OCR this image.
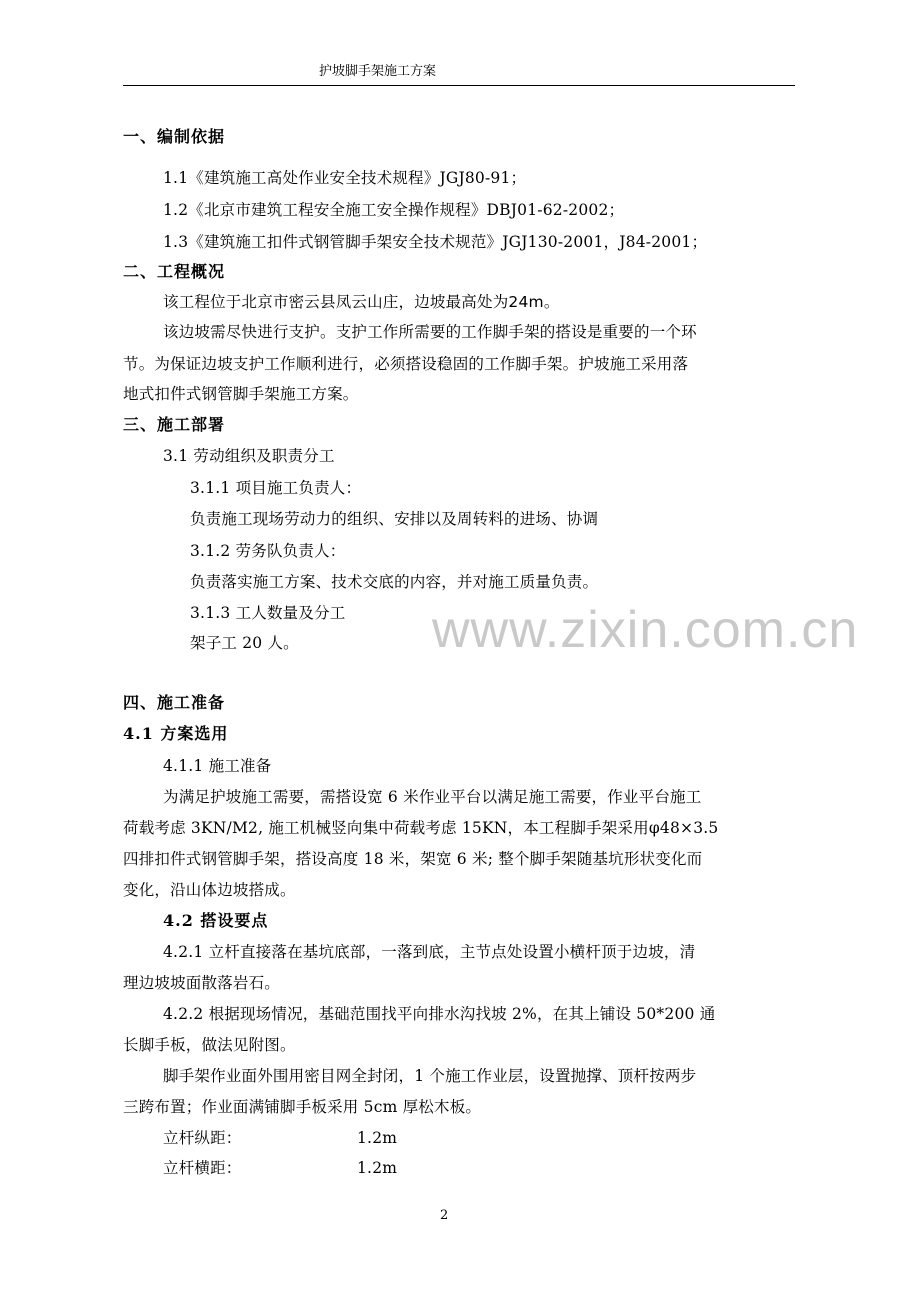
护坡脚手架施工方案
一、编制依据
1.1《建筑施工高处作业安全技术规程》JGJ80-91；
1.2《北京市建筑工程安全施工安全操作规程》DBJ01-62-2002；
1.3《建筑施工扣件式钢管脚手架安全技术规范》JGJ130-2001，J84-2001；
二、工程概况
该工程位于北京市密云县凤云山庄，边坡最高处为24m。
该边坡需尽快进行支护。支护工作所需要的工作脚手架的搭设是重要的一个环
节。为保证边坡支护工作顺利进行，必须搭设稳固的工作脚手架。护坡施工采用落
地式扣件式钢管脚手架施工方案。
三、施工部署
3.1 劳动组织及职责分工
3.1.1 项目施工负责人：
负责施工现场劳动力的组织、安排以及周转料的进场、协调
3.1.2 劳务队负责人：
负责落实施工方案、技术交底的内容，并对施工质量负责。
3.1.3 工人数量及分工
架子工 20 人。
四、施工准备
4.1 方案选用
4.1.1 施工准备
为满足护坡施工需要，需搭设宽 6 米作业平台以满足施工需要，作业平台施工
荷载考虑 3KN/M2, 施工机械竖向集中荷载考虑 15KN，本工程脚手架采用φ48×3.5
四排扣件式钢管脚手架，搭设高度 18 米，架宽 6 米; 整个脚手架随基坑形状变化而
变化，沿山体边坡搭成。
4.2 搭设要点
4.2.1 立杆直接落在基坑底部，一落到底，主节点处设置小横杆顶于边坡，清
理边坡坡面散落岩石。
4.2.2 根据现场情况，基础范围找平向排水沟找坡 2%，在其上铺设 50*200 通
长脚手板，做法见附图。
脚手架作业面外围用密目网全封闭，1 个施工作业层，设置抛撑、顶杆按两步
三跨布置；作业面满铺脚手板采用 5cm 厚松木板。
立杆纵距：	1.2m
立杆横距：	1.2m
www.zixin.com.cn
2
